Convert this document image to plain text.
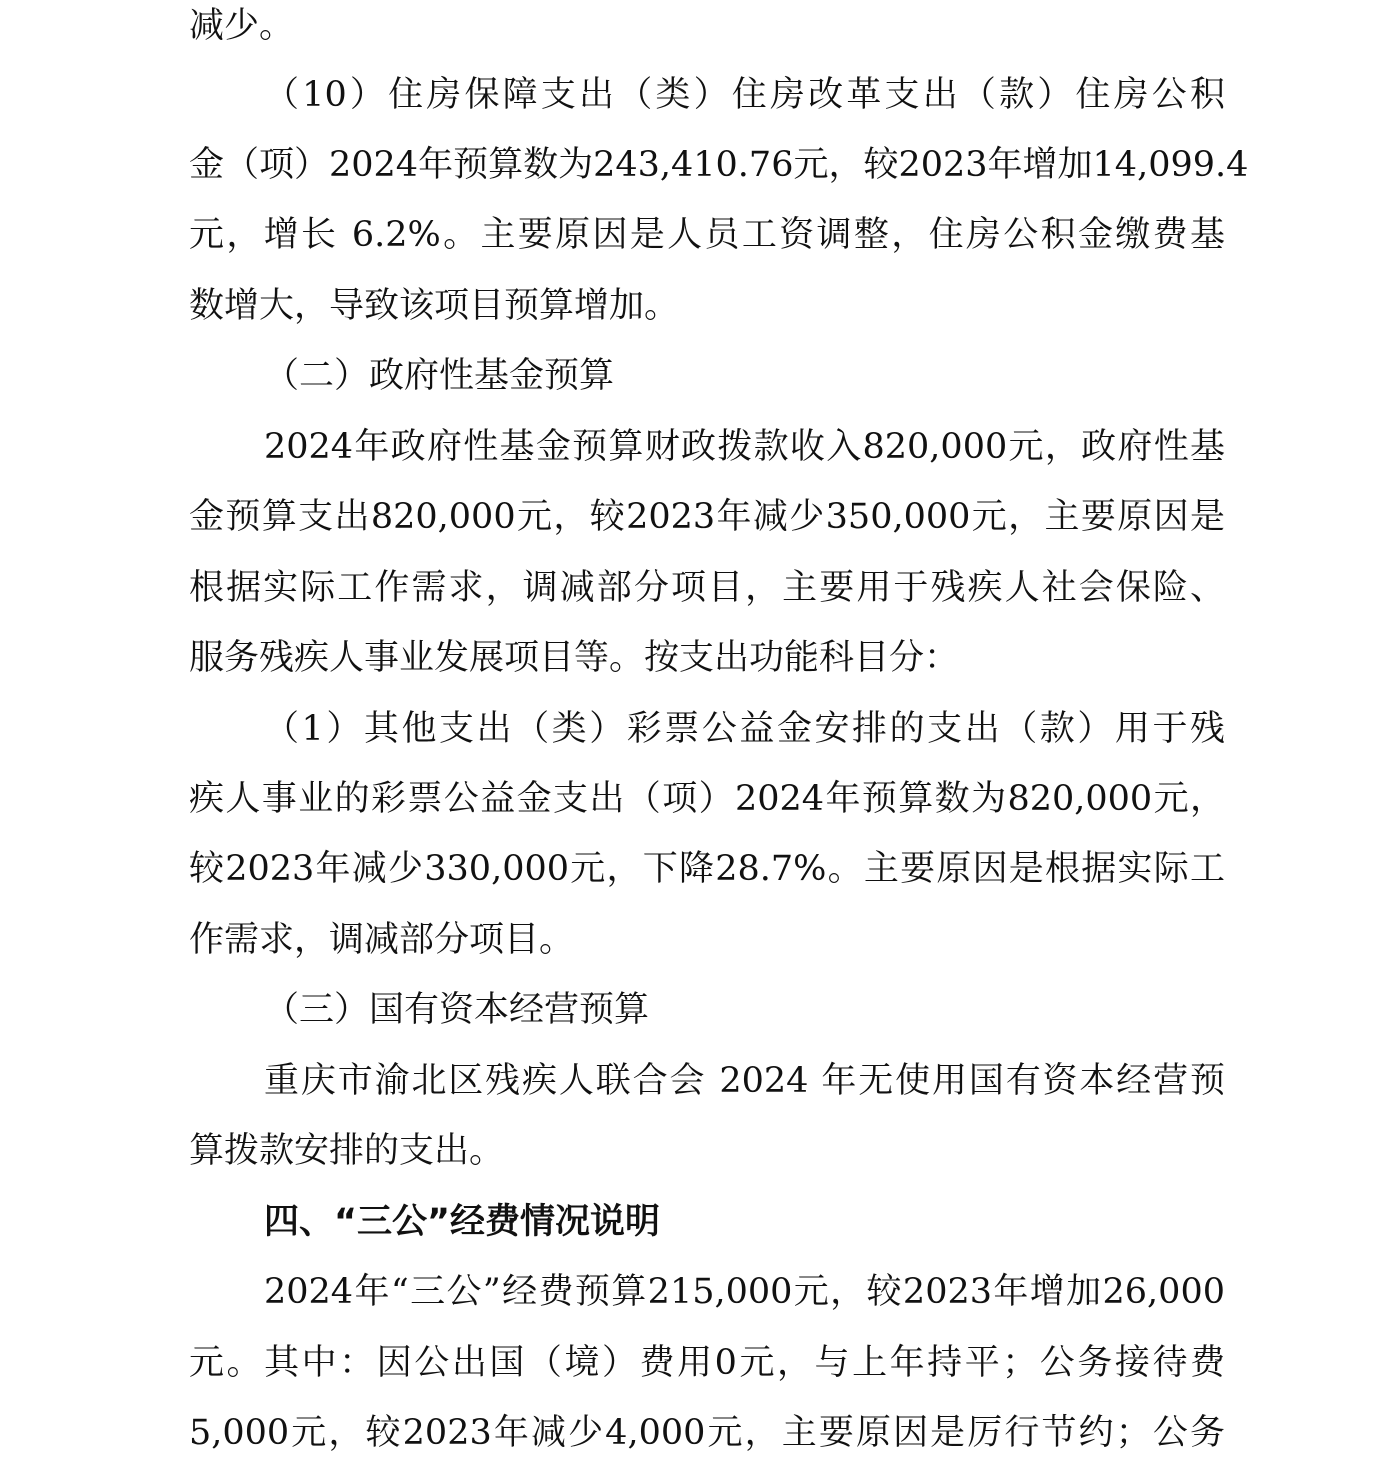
减少。
（10）住房保障支出（类）住房改革支出（款）住房公积
金（项）2024年预算数为243,410.76元，较2023年增加14,099.4
元，增长 6.2%。主要原因是人员工资调整，住房公积金缴费基
数增大，导致该项目预算增加。
（二）政府性基金预算
2024年政府性基金预算财政拨款收入820,000元，政府性基
金预算支出820,000元，较2023年减少350,000元，主要原因是
根据实际工作需求，调减部分项目，主要用于残疾人社会保险、
服务残疾人事业发展项目等。按支出功能科目分：
（1）其他支出（类）彩票公益金安排的支出（款）用于残
疾人事业的彩票公益金支出（项）2024年预算数为820,000元，
较2023年减少330,000元，下降28.7%。主要原因是根据实际工
作需求，调减部分项目。
（三）国有资本经营预算
重庆市渝北区残疾人联合会 2024 年无使用国有资本经营预
算拨款安排的支出。
四、“三公”经费情况说明
2024年“三公”经费预算215,000元，较2023年增加26,000
元。其中：因公出国（境）费用0元，与上年持平；公务接待费
5,000元，较2023年减少4,000元，主要原因是厉行节约；公务
